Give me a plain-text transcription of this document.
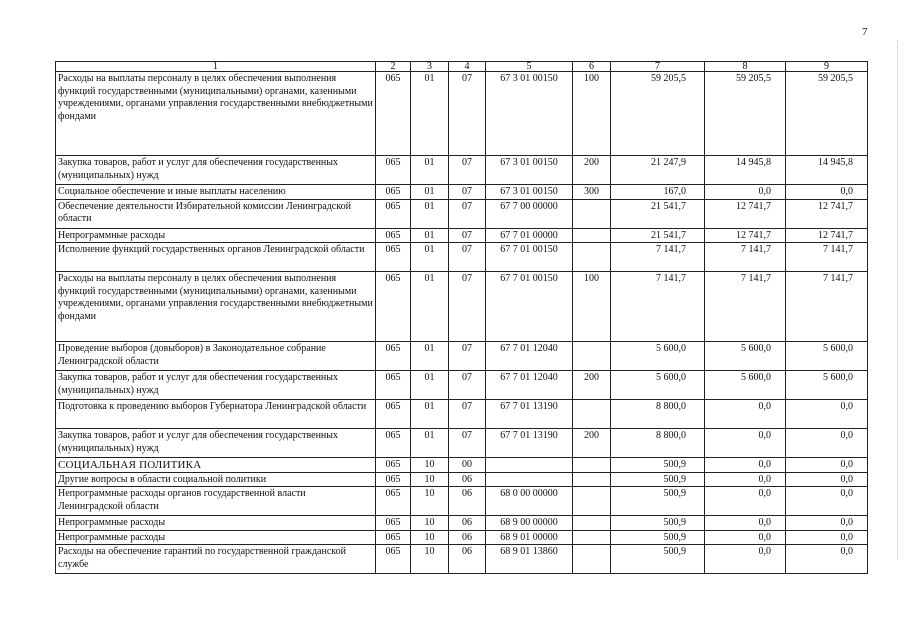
7
1	2	3	4	5	6	7	8	9
Расходы на выплаты персоналу в целях обеспечения выполнения функций государственными (муниципальными) органами, казенными учреждениями, органами управления государственными внебюджетными фондами	065	01	07	67 3 01 00150	100	59 205,5	59 205,5	59 205,5
Закупка товаров, работ и услуг для обеспечения государственных (муниципальных) нужд	065	01	07	67 3 01 00150	200	21 247,9	14 945,8	14 945,8
Социальное обеспечение и иные выплаты населению	065	01	07	67 3 01 00150	300	167,0	0,0	0,0
Обеспечение деятельности Избирательной комиссии Ленинградской области	065	01	07	67 7 00 00000		21 541,7	12 741,7	12 741,7
Непрограммные расходы	065	01	07	67 7 01 00000		21 541,7	12 741,7	12 741,7
Исполнение функций государственных органов Ленинградской области	065	01	07	67 7 01 00150		7 141,7	7 141,7	7 141,7
Расходы на выплаты персоналу в целях обеспечения выполнения функций государственными (муниципальными) органами, казенными учреждениями, органами управления государственными внебюджетными фондами	065	01	07	67 7 01 00150	100	7 141,7	7 141,7	7 141,7
Проведение выборов (довыборов) в Законодательное собрание Ленинградской области	065	01	07	67 7 01 12040		5 600,0	5 600,0	5 600,0
Закупка товаров, работ и услуг для обеспечения государственных (муниципальных) нужд	065	01	07	67 7 01 12040	200	5 600,0	5 600,0	5 600,0
Подготовка к проведению выборов Губернатора Ленинградской области	065	01	07	67 7 01 13190		8 800,0	0,0	0,0
Закупка товаров, работ и услуг для обеспечения государственных (муниципальных) нужд	065	01	07	67 7 01 13190	200	8 800,0	0,0	0,0
СОЦИАЛЬНАЯ ПОЛИТИКА	065	10	00			500,9	0,0	0,0
Другие вопросы в области социальной политики	065	10	06			500,9	0,0	0,0
Непрограммные расходы органов государственной власти Ленинградской области	065	10	06	68 0 00 00000		500,9	0,0	0,0
Непрограммные расходы	065	10	06	68 9 00 00000		500,9	0,0	0,0
Непрограммные расходы	065	10	06	68 9 01 00000		500,9	0,0	0,0
Расходы на обеспечение гарантий по государственной гражданской службе	065	10	06	68 9 01 13860		500,9	0,0	0,0
